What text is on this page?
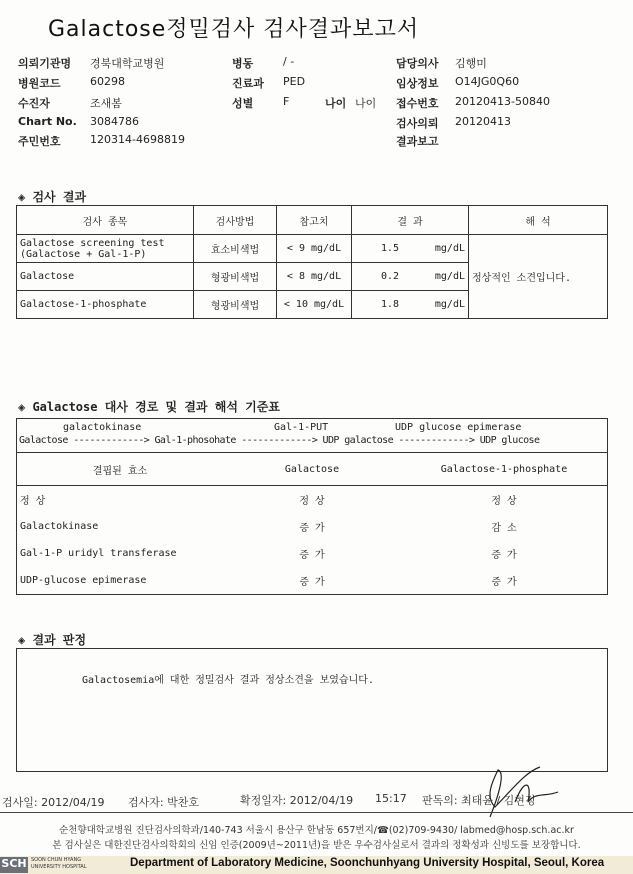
Galactose정밀검사 검사결과보고서
의뢰기관명 경북대학교병원	병동	/ -	담당의사 김행미
병원코드	60298	진료과 PED	임상정보 O14JG0Q60
수진자	조새봄	성별	F	나이 나이 접수번호 20120413-50840
Chart No. 3084786	검사의뢰 20120413
주민번호	120314-4698819	결과보고
◈ 검사 결과
검사 종목	검사방법	참고치	결 과		해 석
Galactose screening test
(Galactose + Gal-1-P)	효소비색법	< 9 mg/dL	1.5	mg/dL	정상적인 소견입니다.
Galactose	형광비색법	< 8 mg/dL	0.2	mg/dL	
Galactose-1-phosphate	형광비색법	< 10 mg/dL	1.8	mg/dL	
◈ Galactose 대사 경로 및 결과 해석 기준표
galactokinase	Gal-1-PUT	UDP glucose epimerase
Galactose -------------> Gal-1-phosohate -------------> UDP galactose -------------> UDP glucose
결핍된 효소	Galactose	Galactose-1-phosphate
정 상	정 상	정 상
Galactokinase	증 가	감 소
Gal-1-P uridyl transferase	증 가	증 가
UDP-glucose epimerase	증 가	증 가
◈ 결과 판정
Galactosemia에 대한 정밀검사 결과 정상소견을 보였습니다.
검사일: 2012/04/19 검사자: 박찬호	확정일자: 2012/04/19 15:17 판독의: 최태윤 / 김현정
순천향대학교병원 진단검사의학과/140-743 서울시 용산구 한남동 657번지/☎(02)709-9430/ labmed@hosp.sch.ac.kr
본 검사실은 대한진단검사의학회의 신임 인증(2009년~2011년)을 받은 우수검사실로서 결과의 정확성과 신빙도를 보장합니다.
SCH SOON CHUN HYANG
UNIVERSITY HOSPITAL	Department of Laboratory Medicine, Soonchunhyang University Hospital, Seoul, Korea
